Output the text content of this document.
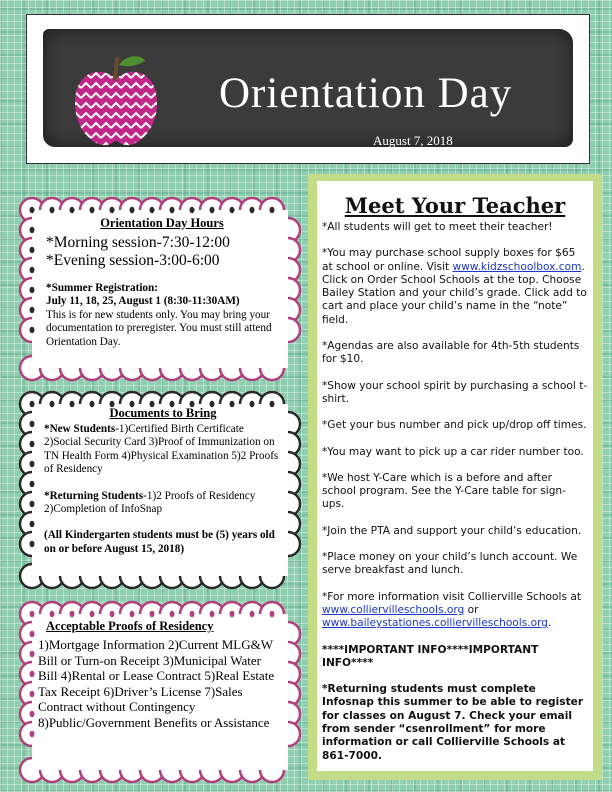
Orientation Day
August 7, 2018
Orientation Day Hours

*Morning session-7:30-12:00

*Evening session-3:00-6:00

*Summer Registration:

July 11, 18, 25, August 1 (8:30-11:30AM)

This is for new students only. You may bring your documentation to preregister. You must still attend Orientation Day.

Documents to Bring

*New Students-1)Certified Birth Certificate 2)Social Security Card 3)Proof of Immunization on TN Health Form 4)Physical Examination 5)2 Proofs of Residency

*Returning Students-1)2 Proofs of Residency 2)Completion of InfoSnap

(All Kindergarten students must be (5) years old on or before August 15, 2018)

Acceptable Proofs of Residency

1)Mortgage Information 2)Current MLG&W Bill or Turn-on Receipt 3)Municipal Water Bill 4)Rental or Lease Contract 5)Real Estate Tax Receipt 6)Driver’s License 7)Sales Contract without Contingency 8)Public/Government Benefits or Assistance

Meet Your Teacher

*All students will get to meet their teacher!

*You may purchase school supply boxes for $65 at school or online. Visit www.kidzschoolbox.com. Click on Order School Schools at the top. Choose Bailey Station and your child’s grade. Click add to cart and place your child’s name in the “note” field.

*Agendas are also available for 4th-5th students for $10.

*Show your school spirit by purchasing a school t-shirt.

*Get your bus number and pick up/drop off times.

*You may want to pick up a car rider number too.

*We host Y-Care which is a before and after school program. See the Y-Care table for sign-ups.

*Join the PTA and support your child’s education.

*Place money on your child’s lunch account. We serve breakfast and lunch.

*For more information visit Collierville Schools at www.colliervilleschools.org or www.baileystationes.colliervilleschools.org.

****IMPORTANT INFO****IMPORTANT INFO****

*Returning students must complete Infosnap this summer to be able to register for classes on August 7. Check your email from sender “csenrollment” for more information or call Collierville Schools at 861-7000.
